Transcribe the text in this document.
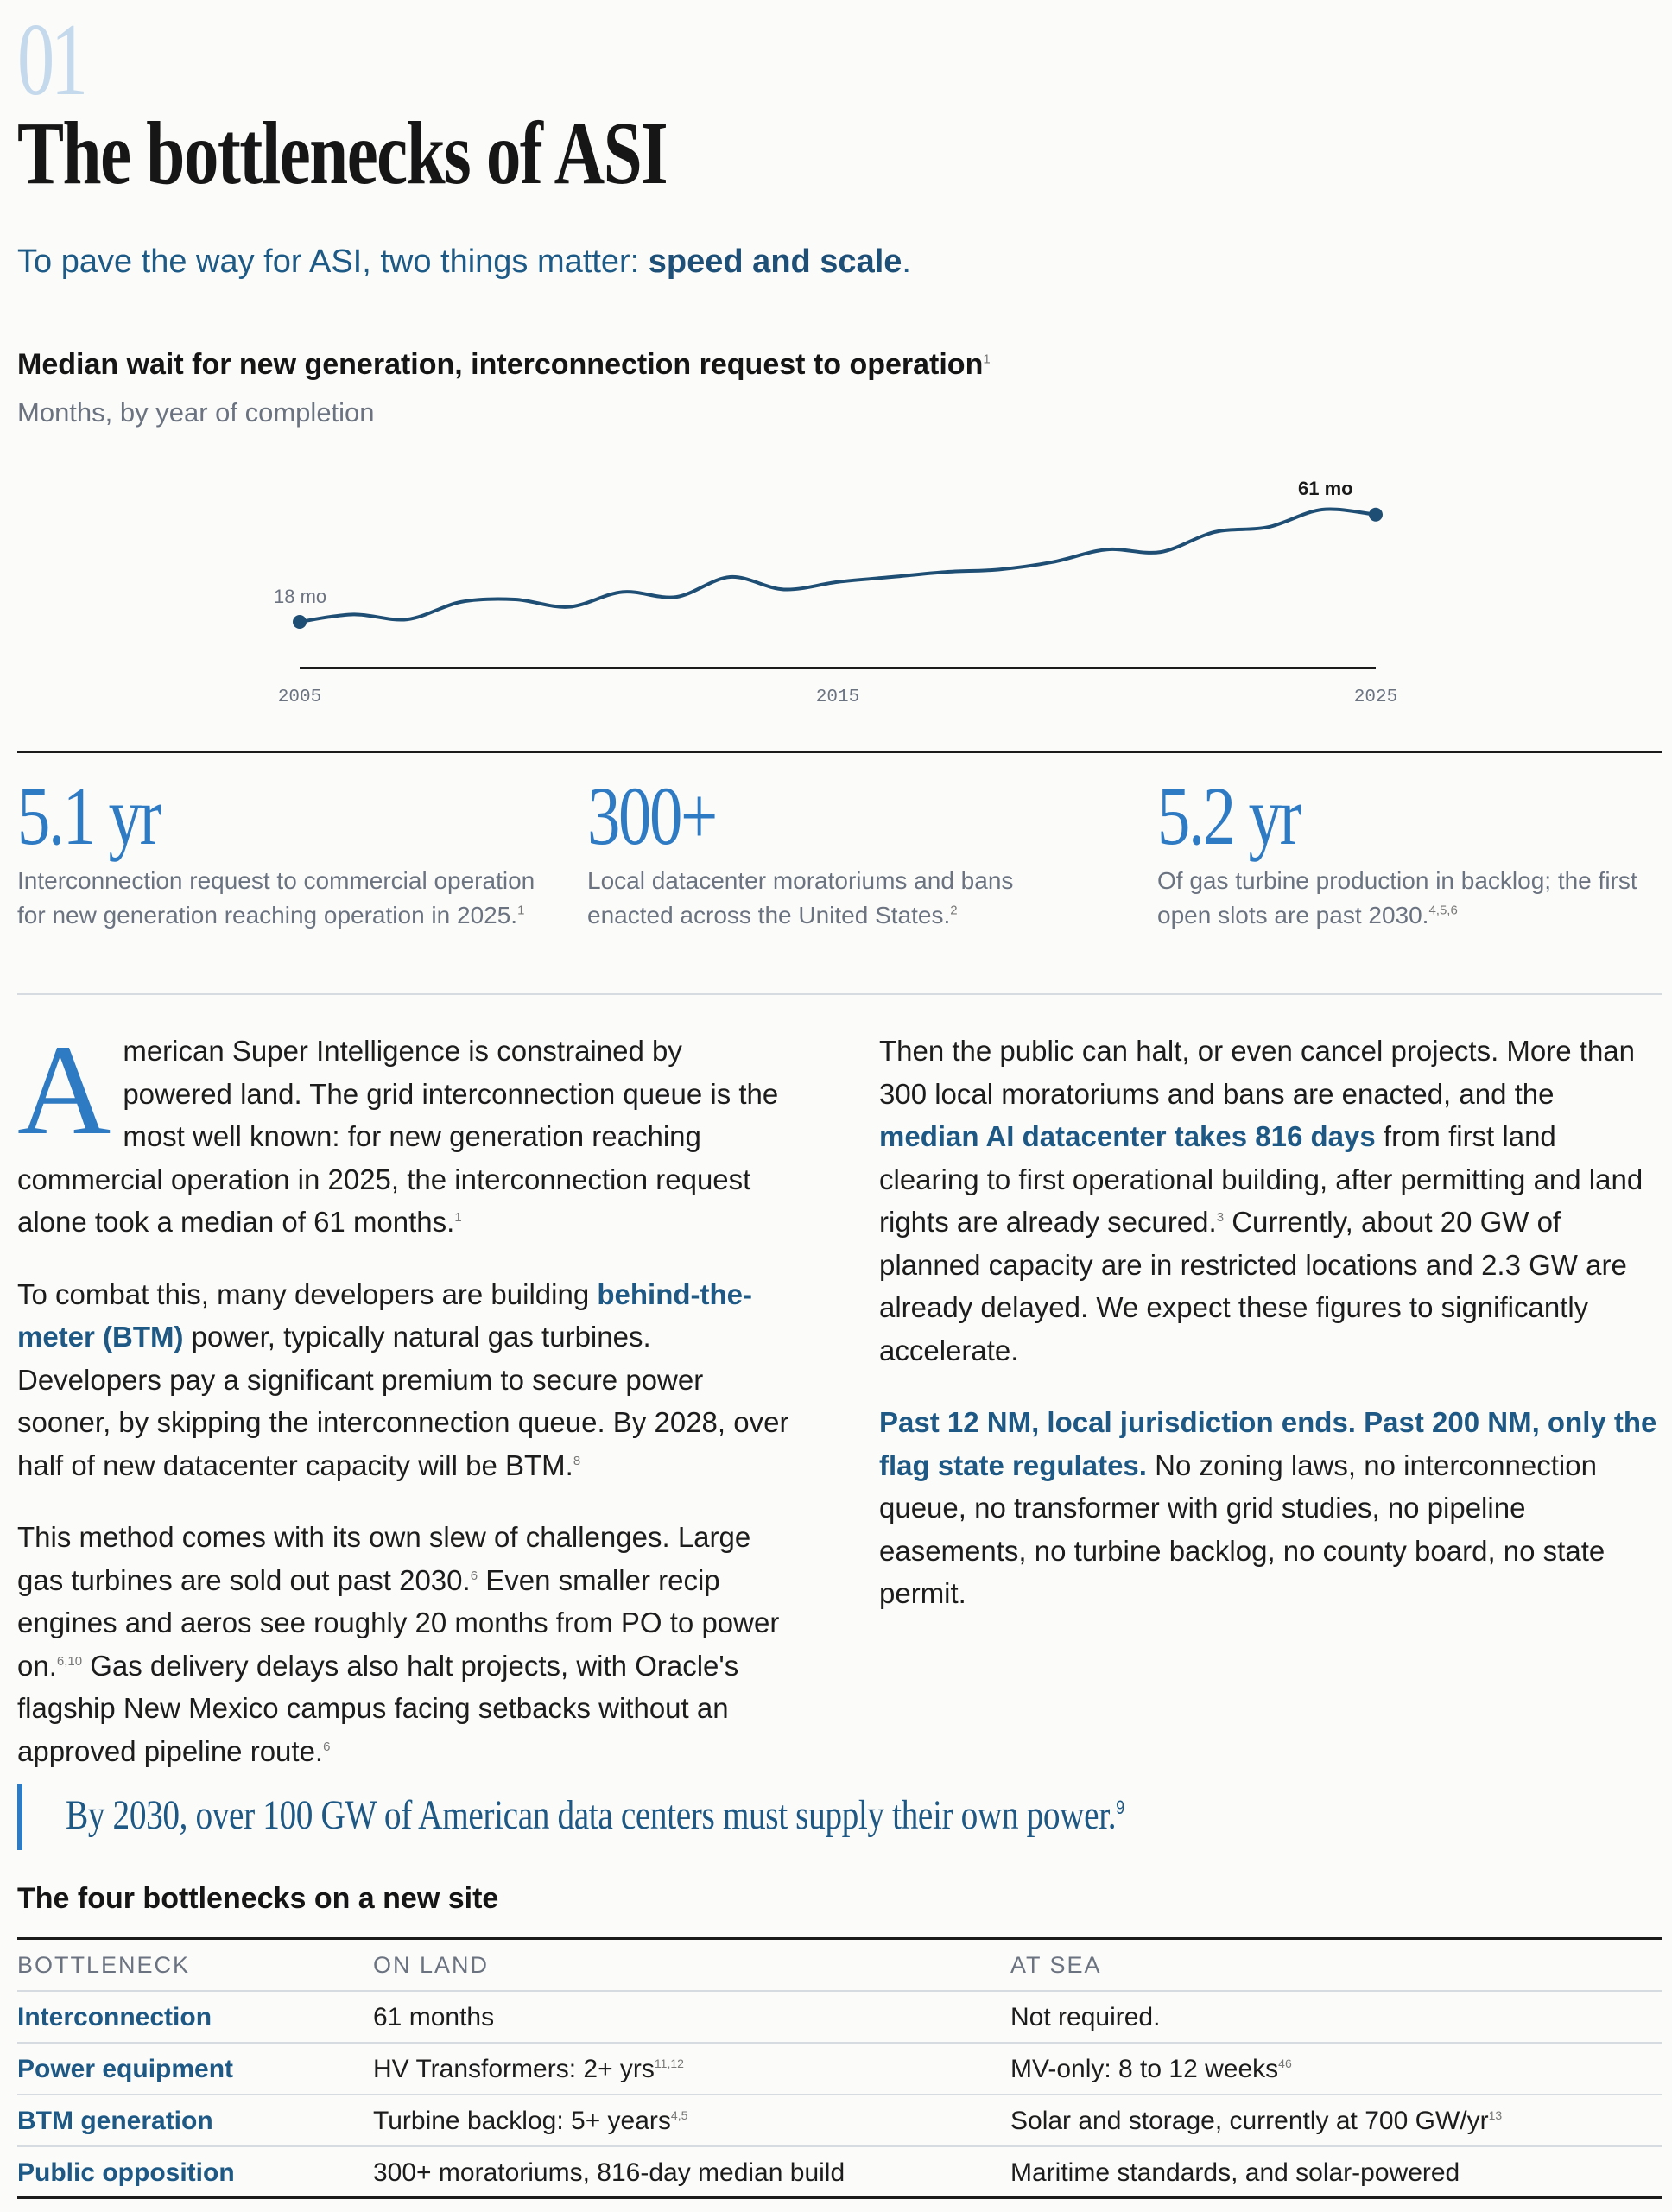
01
The bottlenecks of ASI
To pave the way for ASI, two things matter: speed and scale.
Median wait for new generation, interconnection request to operation$^1$
Months, by year of completion
18 mo
61 mo
2005	2015	2025
5.1 yr
Interconnection request to commercial operation for new generation reaching operation in 2025.$^1$
300+
Local datacenter moratoriums and bans enacted across the United States.$^2$
5.2 yr
Of gas turbine production in backlog; the first open slots are past 2030.$^{4,5,6}$

American Super Intelligence is constrained by powered land. The grid interconnection queue is the most well known: for new generation reaching commercial operation in 2025, the interconnection request alone took a median of 61 months.$^1$

To combat this, many developers are building behind-the-meter (BTM) power, typically natural gas turbines. Developers pay a significant premium to secure power sooner, by skipping the interconnection queue. By 2028, over half of new datacenter capacity will be BTM.$^8$

This method comes with its own slew of challenges. Large gas turbines are sold out past 2030.$^6$ Even smaller recip engines and aeros see roughly 20 months from PO to power on.$^{6,10}$ Gas delivery delays also halt projects, with Oracle's flagship New Mexico campus facing setbacks without an approved pipeline route.$^6$

Then the public can halt, or even cancel projects. More than 300 local moratoriums and bans are enacted, and the median AI datacenter takes 816 days from first land clearing to first operational building, after permitting and land rights are already secured.$^3$ Currently, about 20 GW of planned capacity are in restricted locations and 2.3 GW are already delayed. We expect these figures to significantly accelerate.

Past 12 NM, local jurisdiction ends. Past 200 NM, only the flag state regulates. No zoning laws, no interconnection queue, no transformer with grid studies, no pipeline easements, no turbine backlog, no county board, no state permit.

By 2030, over 100 GW of American data centers must supply their own power.$^9$
The four bottlenecks on a new site
BOTTLENECK	ON LAND	AT SEA
Interconnection	61 months	Not required.
Power equipment	HV Transformers: 2+ yrs$^{11,12}$	MV-only: 8 to 12 weeks$^{46}$
BTM generation	Turbine backlog: 5+ years$^{4,5}$	Solar and storage, currently at 700 GW/yr$^{13}$
Public opposition	300+ moratoriums, 816-day median build	Maritime standards, and solar-powered
